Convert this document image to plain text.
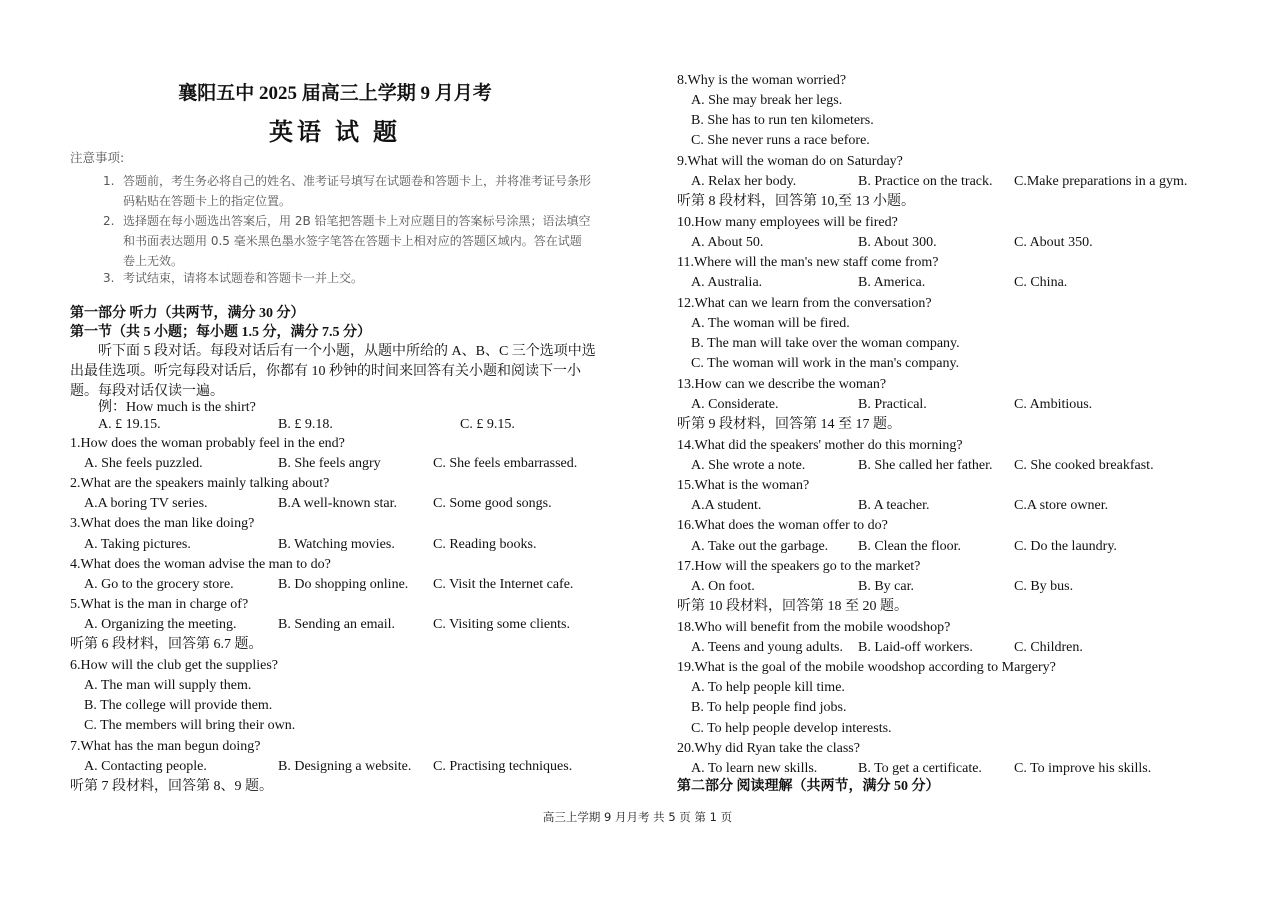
襄阳五中 2025 届高三上学期 9 月月考
英语 试 题
注意事项:
1. 答题前，考生务必将自己的姓名、准考证号填写在试题卷和答题卡上，并将准考证号条形码粘贴在答题卡上的指定位置。
2. 选择题在每小题选出答案后，用 2B 铅笔把答题卡上对应题目的答案标号涂黑；语法填空和书面表达题用 0.5 毫米黑色墨水签字笔答在答题卡上相对应的答题区域内。答在试题卷上无效。
3. 考试结束，请将本试题卷和答题卡一并上交。
第一部分 听力（共两节，满分 30 分）
第一节（共 5 小题；每小题 1.5 分，满分 7.5 分）
听下面 5 段对话。每段对话后有一个小题，从题中所给的 A、B、C 三个选项中选出最佳选项。听完每段对话后，你都有 10 秒钟的时间来回答有关小题和阅读下一小题。每段对话仅读一遍。
例：How much is the shirt?
A. £ 19.15.	B. £ 9.18.	C. £ 9.15.
1.How does the woman probably feel in the end?
A. She feels puzzled.	B. She feels angry	C. She feels embarrassed.
2.What are the speakers mainly talking about?
A.A boring TV series.	B.A well-known star.	C. Some good songs.
3.What does the man like doing?
A. Taking pictures.	B. Watching movies.	C. Reading books.
4.What does the woman advise the man to do?
A. Go to the grocery store.	B. Do shopping online. C. Visit the Internet cafe.
5.What is the man in charge of?
A. Organizing the meeting.	B. Sending an email.	C. Visiting some clients.
听第 6 段材料，回答第 6.7 题。
6.How will the club get the supplies?
A. The man will supply them.
B. The college will provide them.
C. The members will bring their own.
7.What has the man begun doing?
A. Contacting people.	B. Designing a website. C. Practising techniques.
听第 7 段材料，回答第 8、9 题。
8.Why is the woman worried?
A. She may break her legs.
B. She has to run ten kilometers.
C. She never runs a race before.
9.What will the woman do on Saturday?
A. Relax her body.	B. Practice on the track. C.Make preparations in a gym.
听第 8 段材料，回答第 10,至 13 小题。
10.How many employees will be fired?
A. About 50.	B. About 300.	C. About 350.
11.Where will the man's new staff come from?
A. Australia.	B. America.	C. China.
12.What can we learn from the conversation?
A. The woman will be fired.
B. The man will take over the woman company.
C. The woman will work in the man's company.
13.How can we describe the woman?
A. Considerate.	B. Practical.	C. Ambitious.
听第 9 段材料，回答第 14 至 17 题。
14.What did the speakers' mother do this morning?
A. She wrote a note.	B. She called her father. C. She cooked breakfast.
15.What is the woman?
A.A student.	B. A teacher.	C.A store owner.
16.What does the woman offer to do?
A. Take out the garbage. B. Clean the floor.	C. Do the laundry.
17.How will the speakers go to the market?
A. On foot.	B. By car.	C. By bus.
听第 10 段材料，回答第 18 至 20 题。
18.Who will benefit from the mobile woodshop?
A. Teens and young adults. B. Laid-off workers.	C. Children.
19.What is the goal of the mobile woodshop according to Margery?
A. To help people kill time.
B. To help people find jobs.
C. To help people develop interests.
20.Why did Ryan take the class?
A. To learn new skills.	B. To get a certificate. C. To improve his skills.
第二部分 阅读理解（共两节，满分 50 分）
高三上学期 9 月月考 共 5 页 第 1 页
